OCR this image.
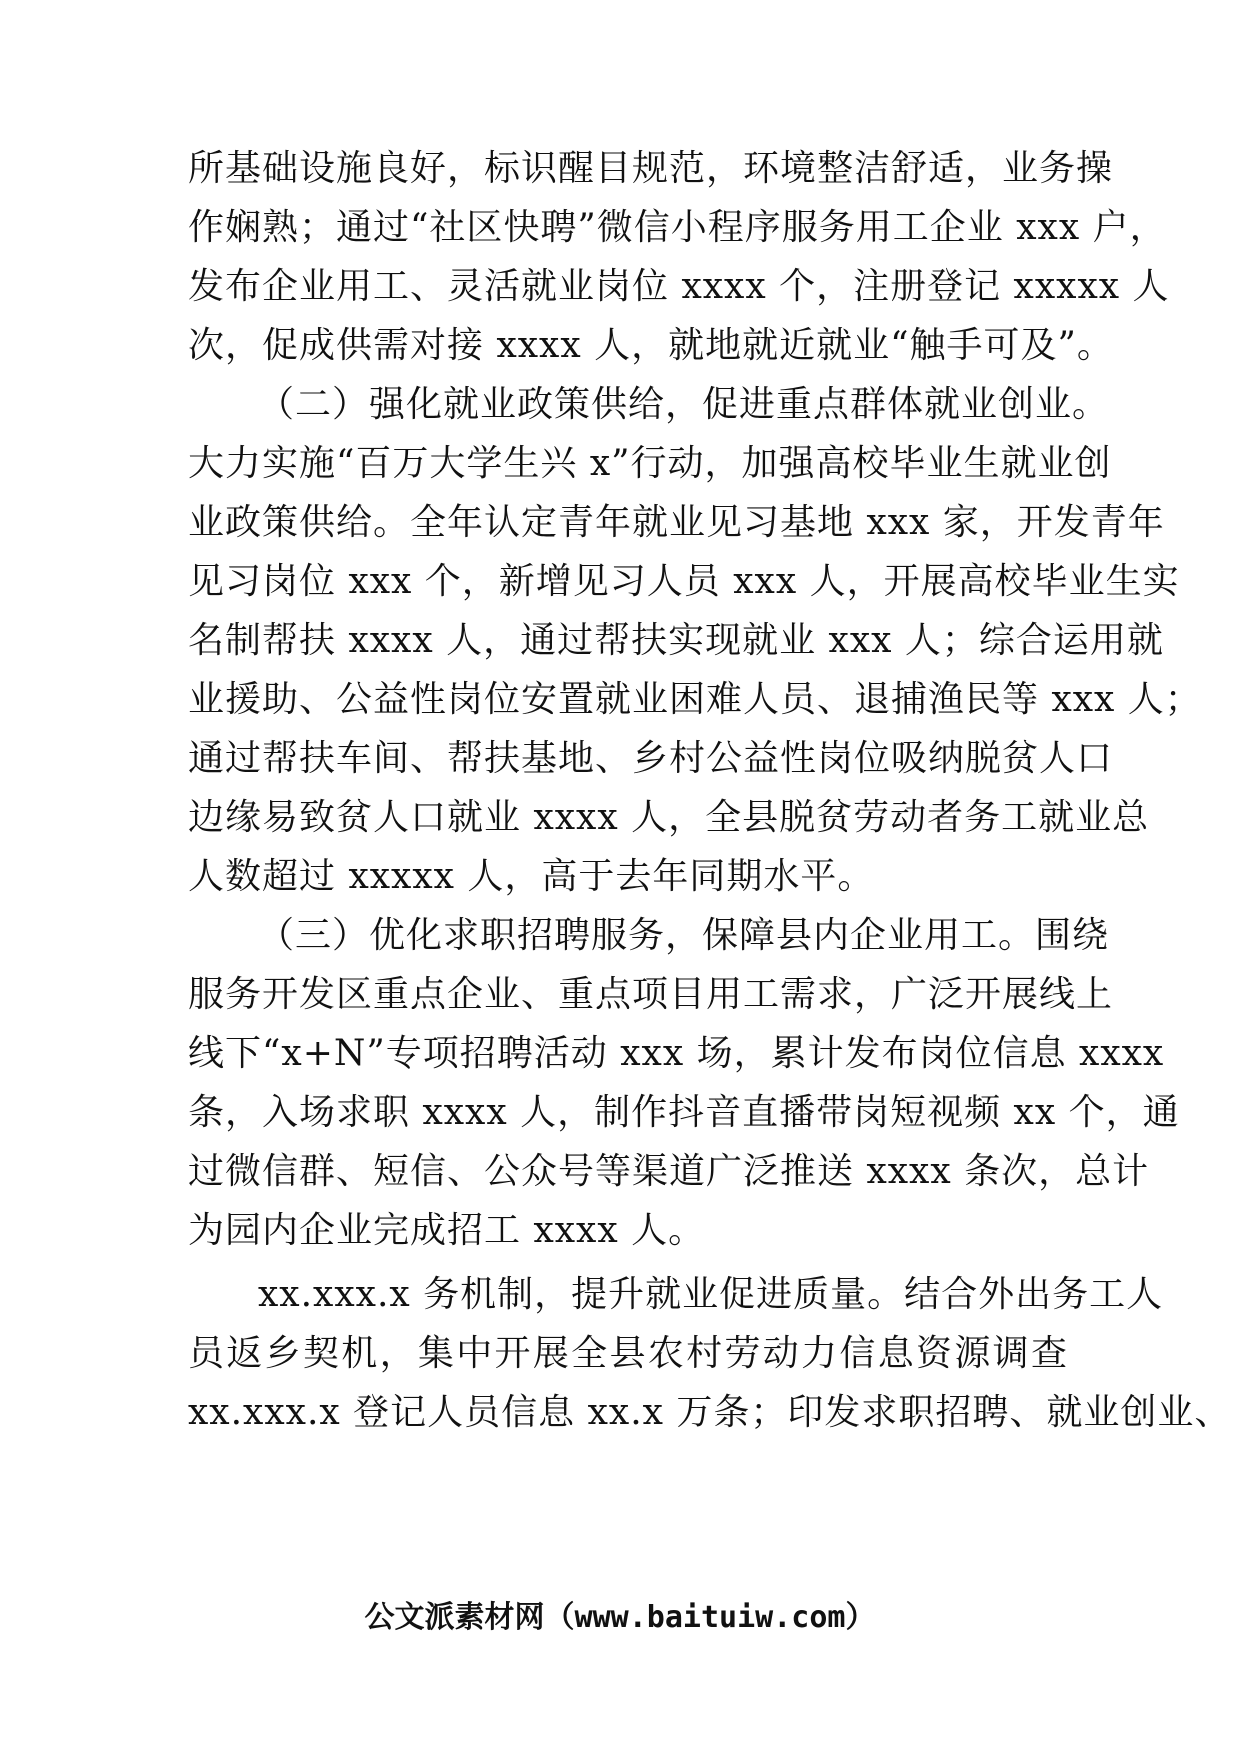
所基础设施良好，标识醒目规范，环境整洁舒适，业务操
作娴熟；通过“社区快聘”微信小程序服务用工企业 xxx 户，
发布企业用工、灵活就业岗位 xxxx 个，注册登记 xxxxx 人
次，促成供需对接 xxxx 人，就地就近就业“触手可及”。
（二）强化就业政策供给，促进重点群体就业创业。
大力实施“百万大学生兴 x”行动，加强高校毕业生就业创
业政策供给。全年认定青年就业见习基地 xxx 家，开发青年
见习岗位 xxx 个，新增见习人员 xxx 人，开展高校毕业生实
名制帮扶 xxxx 人，通过帮扶实现就业 xxx 人；综合运用就
业援助、公益性岗位安置就业困难人员、退捕渔民等 xxx 人；
通过帮扶车间、帮扶基地、乡村公益性岗位吸纳脱贫人口
边缘易致贫人口就业 xxxx 人，全县脱贫劳动者务工就业总
人数超过 xxxxx 人，高于去年同期水平。
（三）优化求职招聘服务，保障县内企业用工。围绕
服务开发区重点企业、重点项目用工需求，广泛开展线上
线下“x+N”专项招聘活动 xxx 场，累计发布岗位信息 xxxx
条，入场求职 xxxx 人，制作抖音直播带岗短视频 xx 个，通
过微信群、短信、公众号等渠道广泛推送 xxxx 条次，总计
为园内企业完成招工 xxxx 人。
xx.xxx.x 务机制，提升就业促进质量。结合外出务工人
员返乡契机，集中开展全县农村劳动力信息资源调查
xx.xxx.x 登记人员信息 xx.x 万条；印发求职招聘、就业创业、
公文派素材网（www.baituiw.com）
